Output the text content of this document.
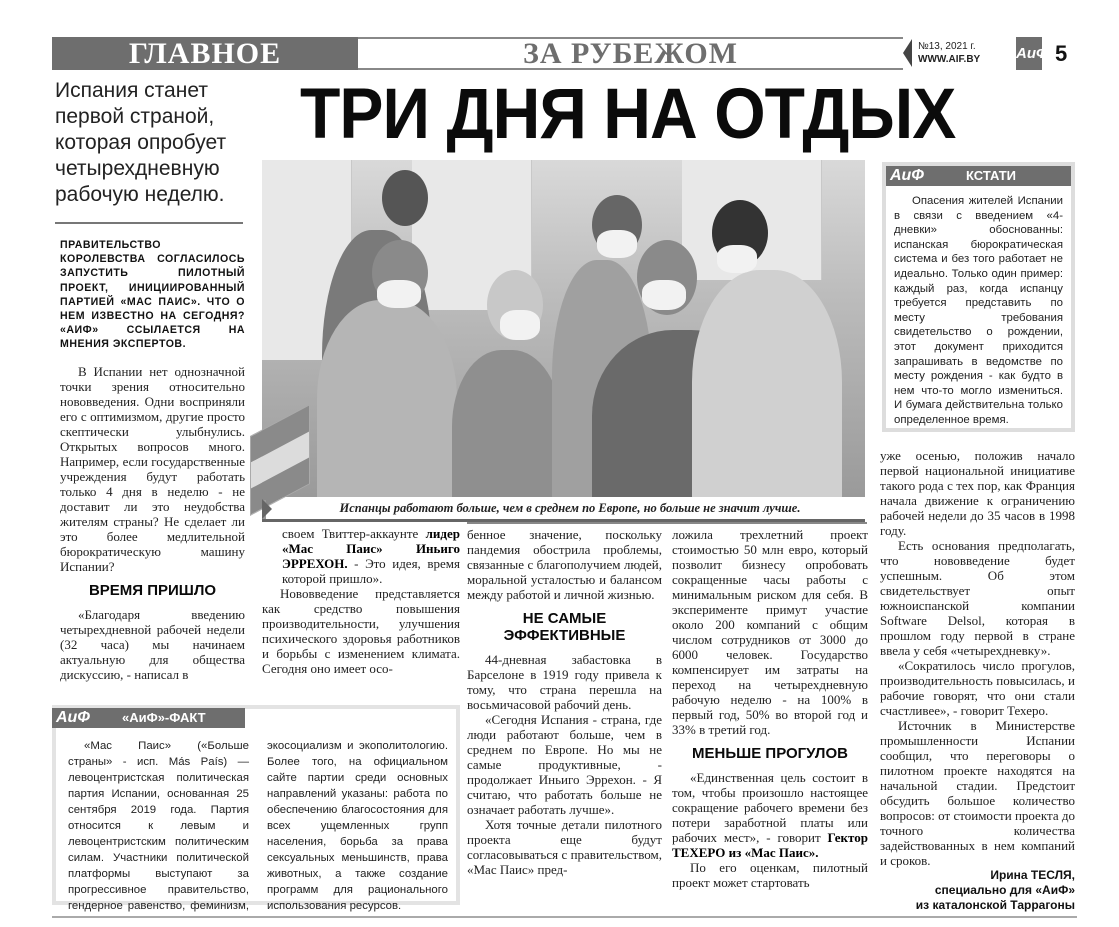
ГЛАВНОЕ	ЗА РУБЕЖОМ	№13, 2021 г.
WWW.AIF.BY АиФ 5
Испания станет первой страной, которая опробует четырехдневную рабочую неделю.
ТРИ ДНЯ НА ОТДЫХ
Испанцы работают больше, чем в среднем по Европе, но больше не значит лучше.
ПРАВИТЕЛЬСТВО КОРОЛЕВСТВА СОГЛАСИЛОСЬ ЗАПУСТИТЬ ПИЛОТНЫЙ ПРОЕКТ, ИНИЦИИРОВАННЫЙ ПАРТИЕЙ «МАС ПАИС». ЧТО О НЕМ ИЗВЕСТНО НА СЕГОДНЯ? «АИФ» ССЫЛАЕТСЯ НА МНЕНИЯ ЭКСПЕРТОВ.

В Испании нет однозначной точки зрения относительно нововведения. Одни восприняли его с оптимизмом, другие просто скептически улыбнулись. Открытых вопросов много. Например, если государственные учреждения будут работать только 4 дня в неделю - не доставит ли это неудобства жителям страны? Не сделает ли это более медлительной бюрократическую машину Испании?

ВРЕМЯ ПРИШЛО

«Благодаря введению четырехдневной рабочей недели (32 часа) мы начинаем актуальную для общества дискуссию, - написал в

своем Твиттер-аккаунте лидер «Мас Паис» Иньиго ЭРРЕХОН. - Это идея, время которой пришло».

Нововведение представляется как средство повышения производительности, улучшения психического здоровья работников и борьбы с изменением климата. Сегодня оно имеет осо-

бенное значение, поскольку пандемия обострила проблемы, связанные с благополучием людей, моральной усталостью и балансом между работой и личной жизнью.

НЕ САМЫЕ ЭФФЕКТИВНЫЕ

44-дневная забастовка в Барселоне в 1919 году привела к тому, что страна перешла на восьмичасовой рабочий день.

«Сегодня Испания - страна, где люди работают больше, чем в среднем по Европе. Но мы не самые продуктивные, - продолжает Иньиго Эррехон. - Я считаю, что работать больше не означает работать лучше».

Хотя точные детали пилотного проекта еще будут согласовываться с правительством, «Мас Паис» пред-

ложила трехлетний проект стоимостью 50 млн евро, который позволит бизнесу опробовать сокращенные часы работы с минимальным риском для себя. В эксперименте примут участие около 200 компаний с общим числом сотрудников от 3000 до 6000 человек. Государство компенсирует им затраты на переход на четырехдневную рабочую неделю - на 100% в первый год, 50% во второй год и 33% в третий год.

МЕНЬШЕ ПРОГУЛОВ

«Единственная цель состоит в том, чтобы произошло настоящее сокращение рабочего времени без потери заработной платы или рабочих мест», - говорит Гектор ТЕХЕРО из «Мас Паис».

По его оценкам, пилотный проект может стартовать

АиФ	КСТАТИ

Опасения жителей Испании в связи с введением «4-дневки» обоснованны: испанская бюрократическая система и без того работает не идеально. Только один пример: каждый раз, когда испанцу требуется представить по месту требования свидетельство о рождении, этот документ приходится запрашивать в ведомстве по месту рождения - как будто в нем что-то могло измениться. И бумага действительна только определенное время.

уже осенью, положив начало первой национальной инициативе такого рода с тех пор, как Франция начала движение к ограничению рабочей недели до 35 часов в 1998 году.

Есть основания предполагать, что нововведение будет успешным. Об этом свидетельствует опыт южноиспанской компании Software Delsol, которая в прошлом году первой в стране ввела у себя «четырехдневку».

«Сократилось число прогулов, производительность повысилась, и рабочие говорят, что они стали счастливее», - говорит Техеро.

Источник в Министерстве промышленности Испании сообщил, что переговоры о пилотном проекте находятся на начальной стадии. Предстоит обсудить большое количество вопросов: от стоимости проекта до точного количества задействованных в нем компаний и сроков.

Ирина ТЕСЛЯ,
специально для «АиФ»
из каталонской Таррагоны
АиФ «АиФ»-ФАКТ

«Мас Паис» («Больше страны» - исп. Más País) — левоцентристская политическая партия Испании, основанная 25 сентября 2019 года. Партия относится к левым и левоцентристским политическим силам. Участники политической платформы выступают за прогрессивное правительство, гендерное равенство, феминизм, экосоциализм и экополитологию. Более того, на официальном сайте партии среди основных направлений указаны: работа по обеспечению благосостояния для всех ущемленных групп населения, борьба за права сексуальных меньшинств, права животных, а также создание программ для рационального использования ресурсов.
